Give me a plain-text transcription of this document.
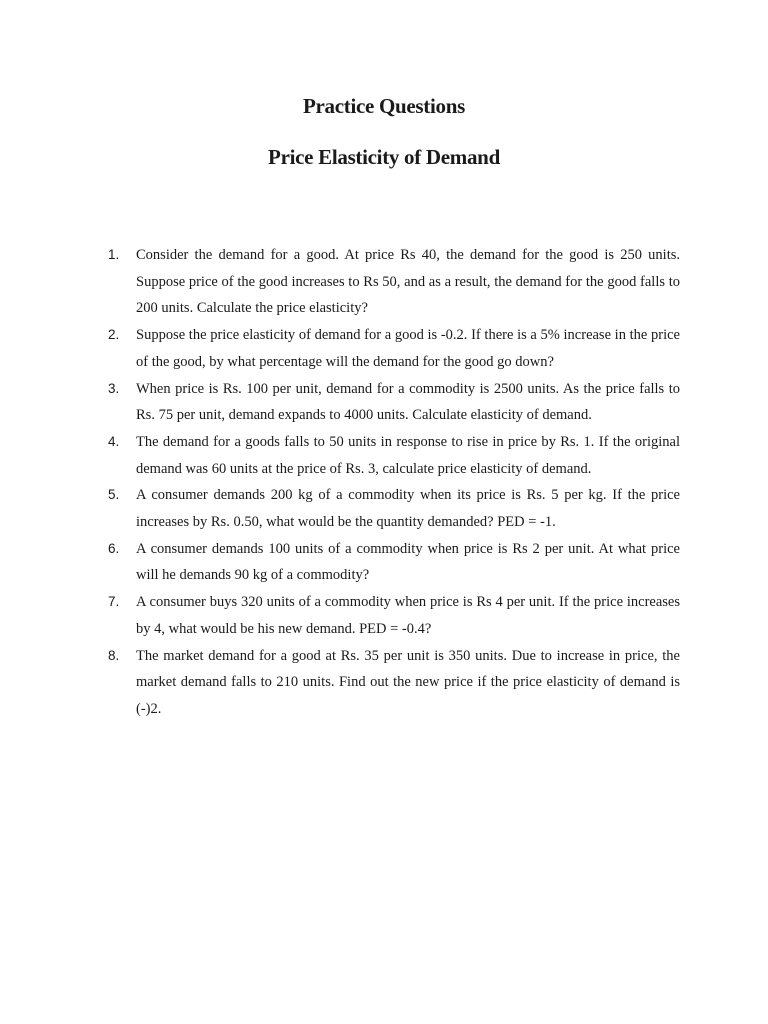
Practice Questions
Price Elasticity of Demand
1. Consider the demand for a good. At price Rs 40, the demand for the good is 250 units. Suppose price of the good increases to Rs 50, and as a result, the demand for the good falls to 200 units. Calculate the price elasticity?
2. Suppose the price elasticity of demand for a good is -0.2. If there is a 5% increase in the price of the good, by what percentage will the demand for the good go down?
3. When price is Rs. 100 per unit, demand for a commodity is 2500 units. As the price falls to Rs. 75 per unit, demand expands to 4000 units. Calculate elasticity of demand.
4. The demand for a goods falls to 50 units in response to rise in price by Rs. 1. If the original demand was 60 units at the price of Rs. 3, calculate price elasticity of demand.
5. A consumer demands 200 kg of a commodity when its price is Rs. 5 per kg. If the price increases by Rs. 0.50, what would be the quantity demanded? PED = -1.
6. A consumer demands 100 units of a commodity when price is Rs 2 per unit. At what price will he demands 90 kg of a commodity?
7. A consumer buys 320 units of a commodity when price is Rs 4 per unit. If the price increases by 4, what would be his new demand. PED = -0.4?
8. The market demand for a good at Rs. 35 per unit is 350 units. Due to increase in price, the market demand falls to 210 units. Find out the new price if the price elasticity of demand is (-)2.
